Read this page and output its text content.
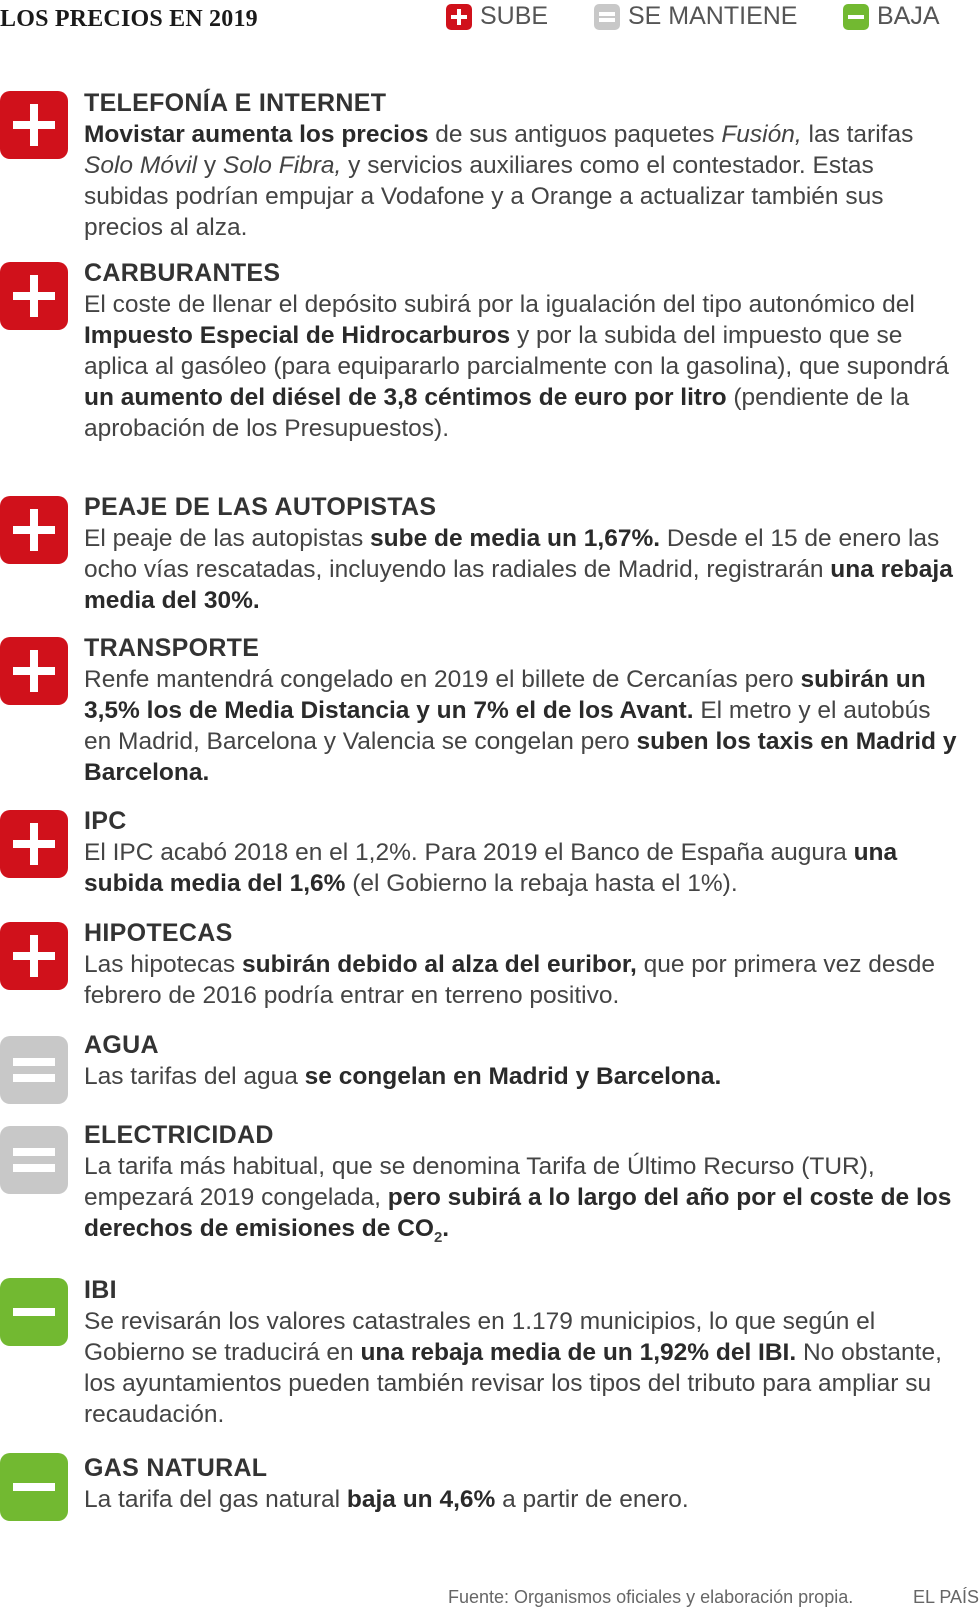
LOS PRECIOS EN 2019	SUBE	SE MANTIENE	BAJA
TELEFONÍA E INTERNET
Movistar aumenta los precios de sus antiguos paquetes Fusión, las tarifas Solo Móvil y Solo Fibra, y servicios auxiliares como el contestador. Estas subidas podrían empujar a Vodafone y a Orange a actualizar también sus precios al alza.
CARBURANTES
El coste de llenar el depósito subirá por la igualación del tipo autonómico del Impuesto Especial de Hidrocarburos y por la subida del impuesto que se aplica al gasóleo (para equipararlo parcialmente con la gasolina), que supondrá un aumento del diésel de 3,8 céntimos de euro por litro (pendiente de la aprobación de los Presupuestos).
PEAJE DE LAS AUTOPISTAS
El peaje de las autopistas sube de media un 1,67%. Desde el 15 de enero las ocho vías rescatadas, incluyendo las radiales de Madrid, registrarán una rebaja media del 30%.
TRANSPORTE
Renfe mantendrá congelado en 2019 el billete de Cercanías pero subirán un 3,5% los de Media Distancia y un 7% el de los Avant. El metro y el autobús en Madrid, Barcelona y Valencia se congelan pero suben los taxis en Madrid y Barcelona.
IPC
El IPC acabó 2018 en el 1,2%. Para 2019 el Banco de España augura una subida media del 1,6% (el Gobierno la rebaja hasta el 1%).
HIPOTECAS
Las hipotecas subirán debido al alza del euribor, que por primera vez desde febrero de 2016 podría entrar en terreno positivo.
AGUA
Las tarifas del agua se congelan en Madrid y Barcelona.
ELECTRICIDAD
La tarifa más habitual, que se denomina Tarifa de Último Recurso (TUR), empezará 2019 congelada, pero subirá a lo largo del año por el coste de los derechos de emisiones de $CO_2$.
IBI
Se revisarán los valores catastrales en 1.179 municipios, lo que según el Gobierno se traducirá en una rebaja media de un 1,92% del IBI. No obstante, los ayuntamientos pueden también revisar los tipos del tributo para ampliar su recaudación.
GAS NATURAL
La tarifa del gas natural baja un 4,6% a partir de enero.
Fuente: Organismos oficiales y elaboración propia.	EL PAÍS
